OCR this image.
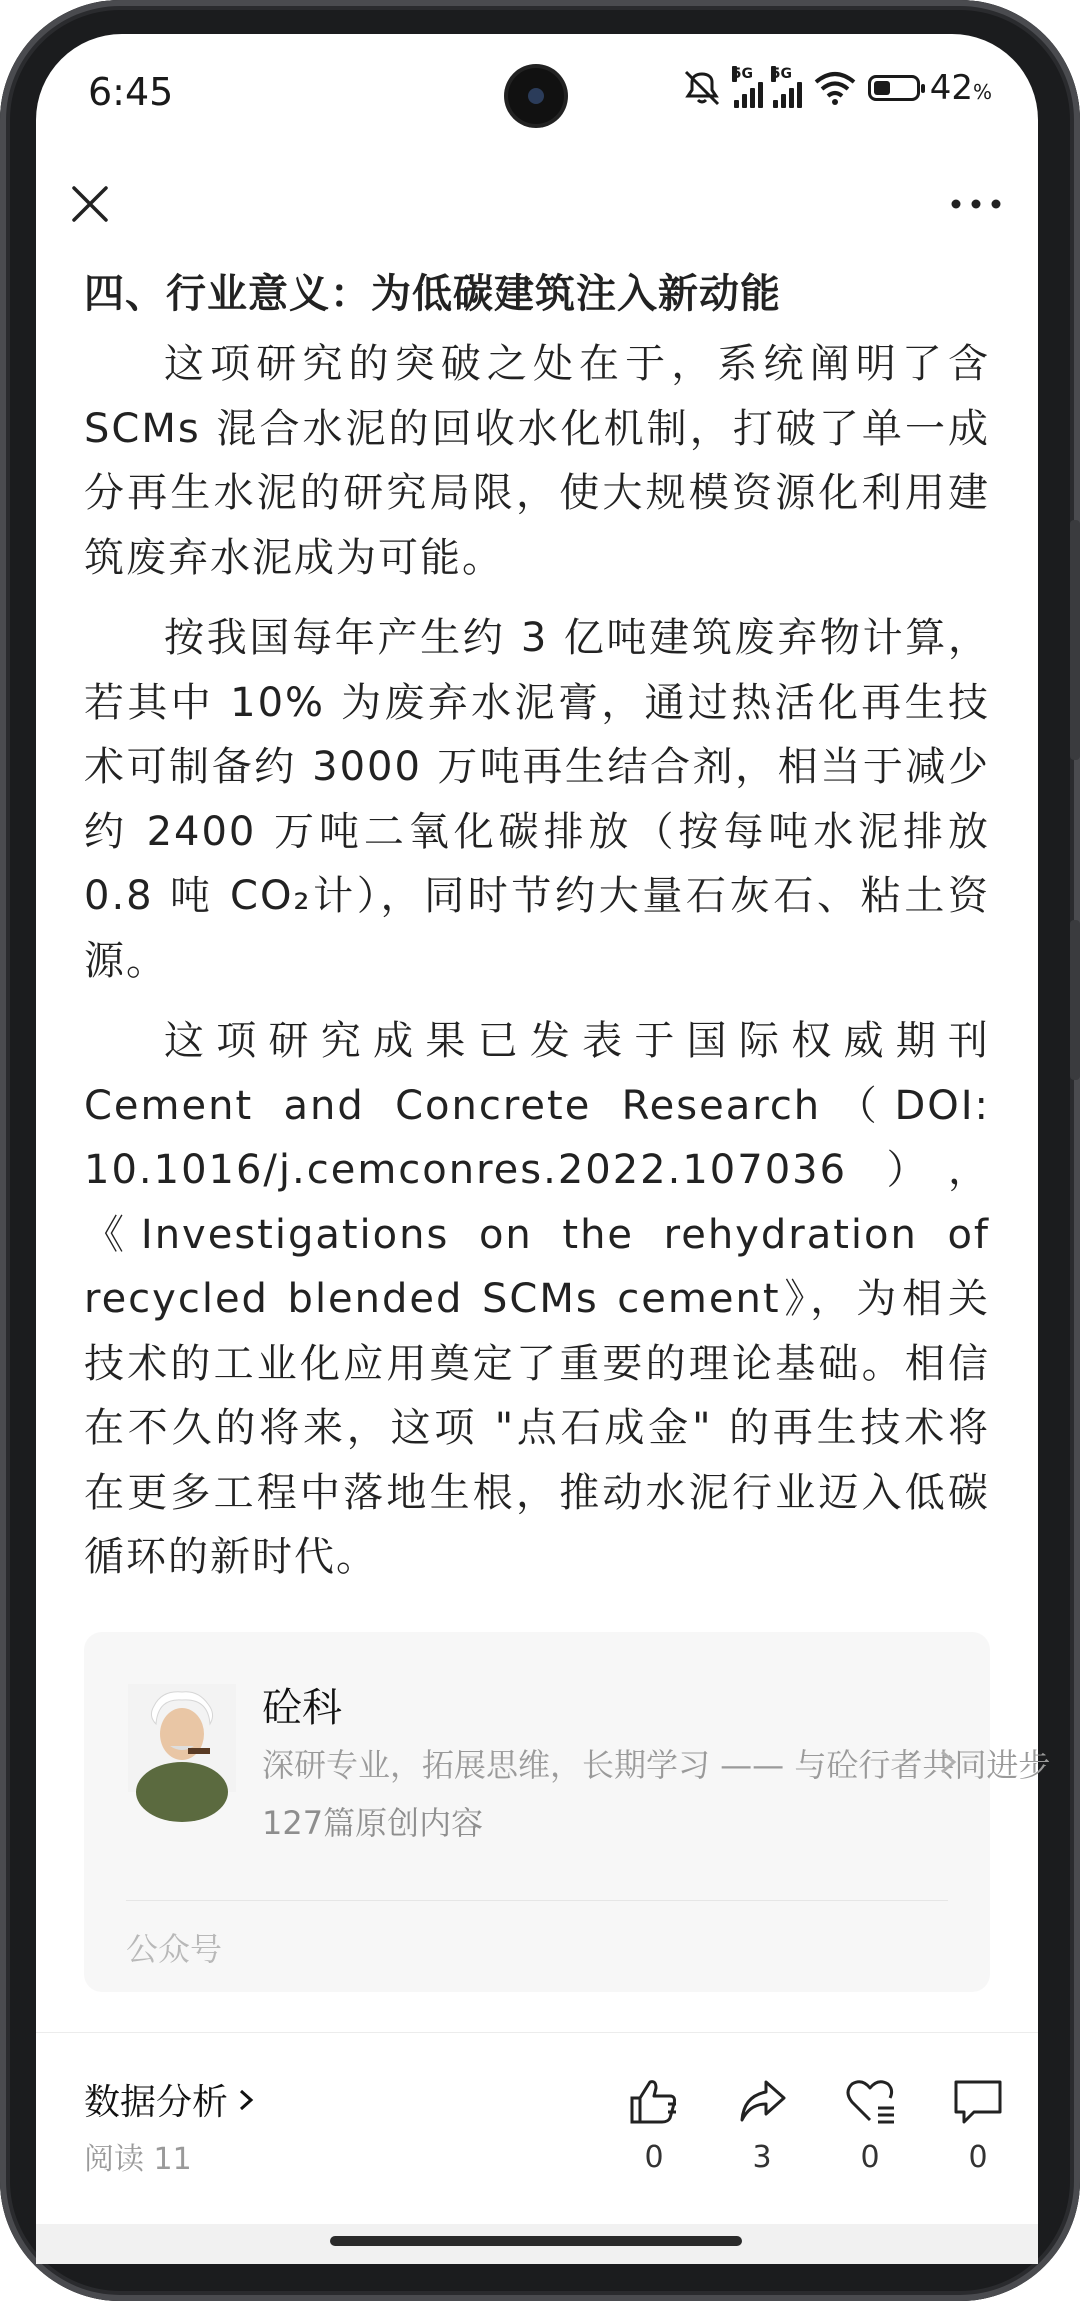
6:45	5G 5G	42%
四、行业意义：为低碳建筑注入新动能

这项研究的突破之处在于，系统阐明了含 SCMs 混合水泥的回收水化机制，打破了单一成分再生水泥的研究局限，使大规模资源化利用建筑废弃水泥成为可能。

按我国每年产生约 3 亿吨建筑废弃物计算，若其中 10% 为废弃水泥膏，通过热活化再生技术可制备约 3000 万吨再生结合剂，相当于减少约 2400 万吨二氧化碳排放（按每吨水泥排放 0.8 吨 CO₂计），同时节约大量石灰石、粘土资源。

这项研究成果已发表于国际权威期刊 Cement and Concrete Research（DOI: 10.1016/j.cemconres.2022.107036），《Investigations on the rehydration of recycled blended SCMs cement》，为相关技术的工业化应用奠定了重要的理论基础。相信在不久的将来，这项 "点石成金" 的再生技术将在更多工程中落地生根，推动水泥行业迈入低碳循环的新时代。

砼科
深研专业，拓展思维，长期学习 —— 与砼行者共同进步
127篇原创内容
公众号
数据分析
阅读 11	0	3	0	0
